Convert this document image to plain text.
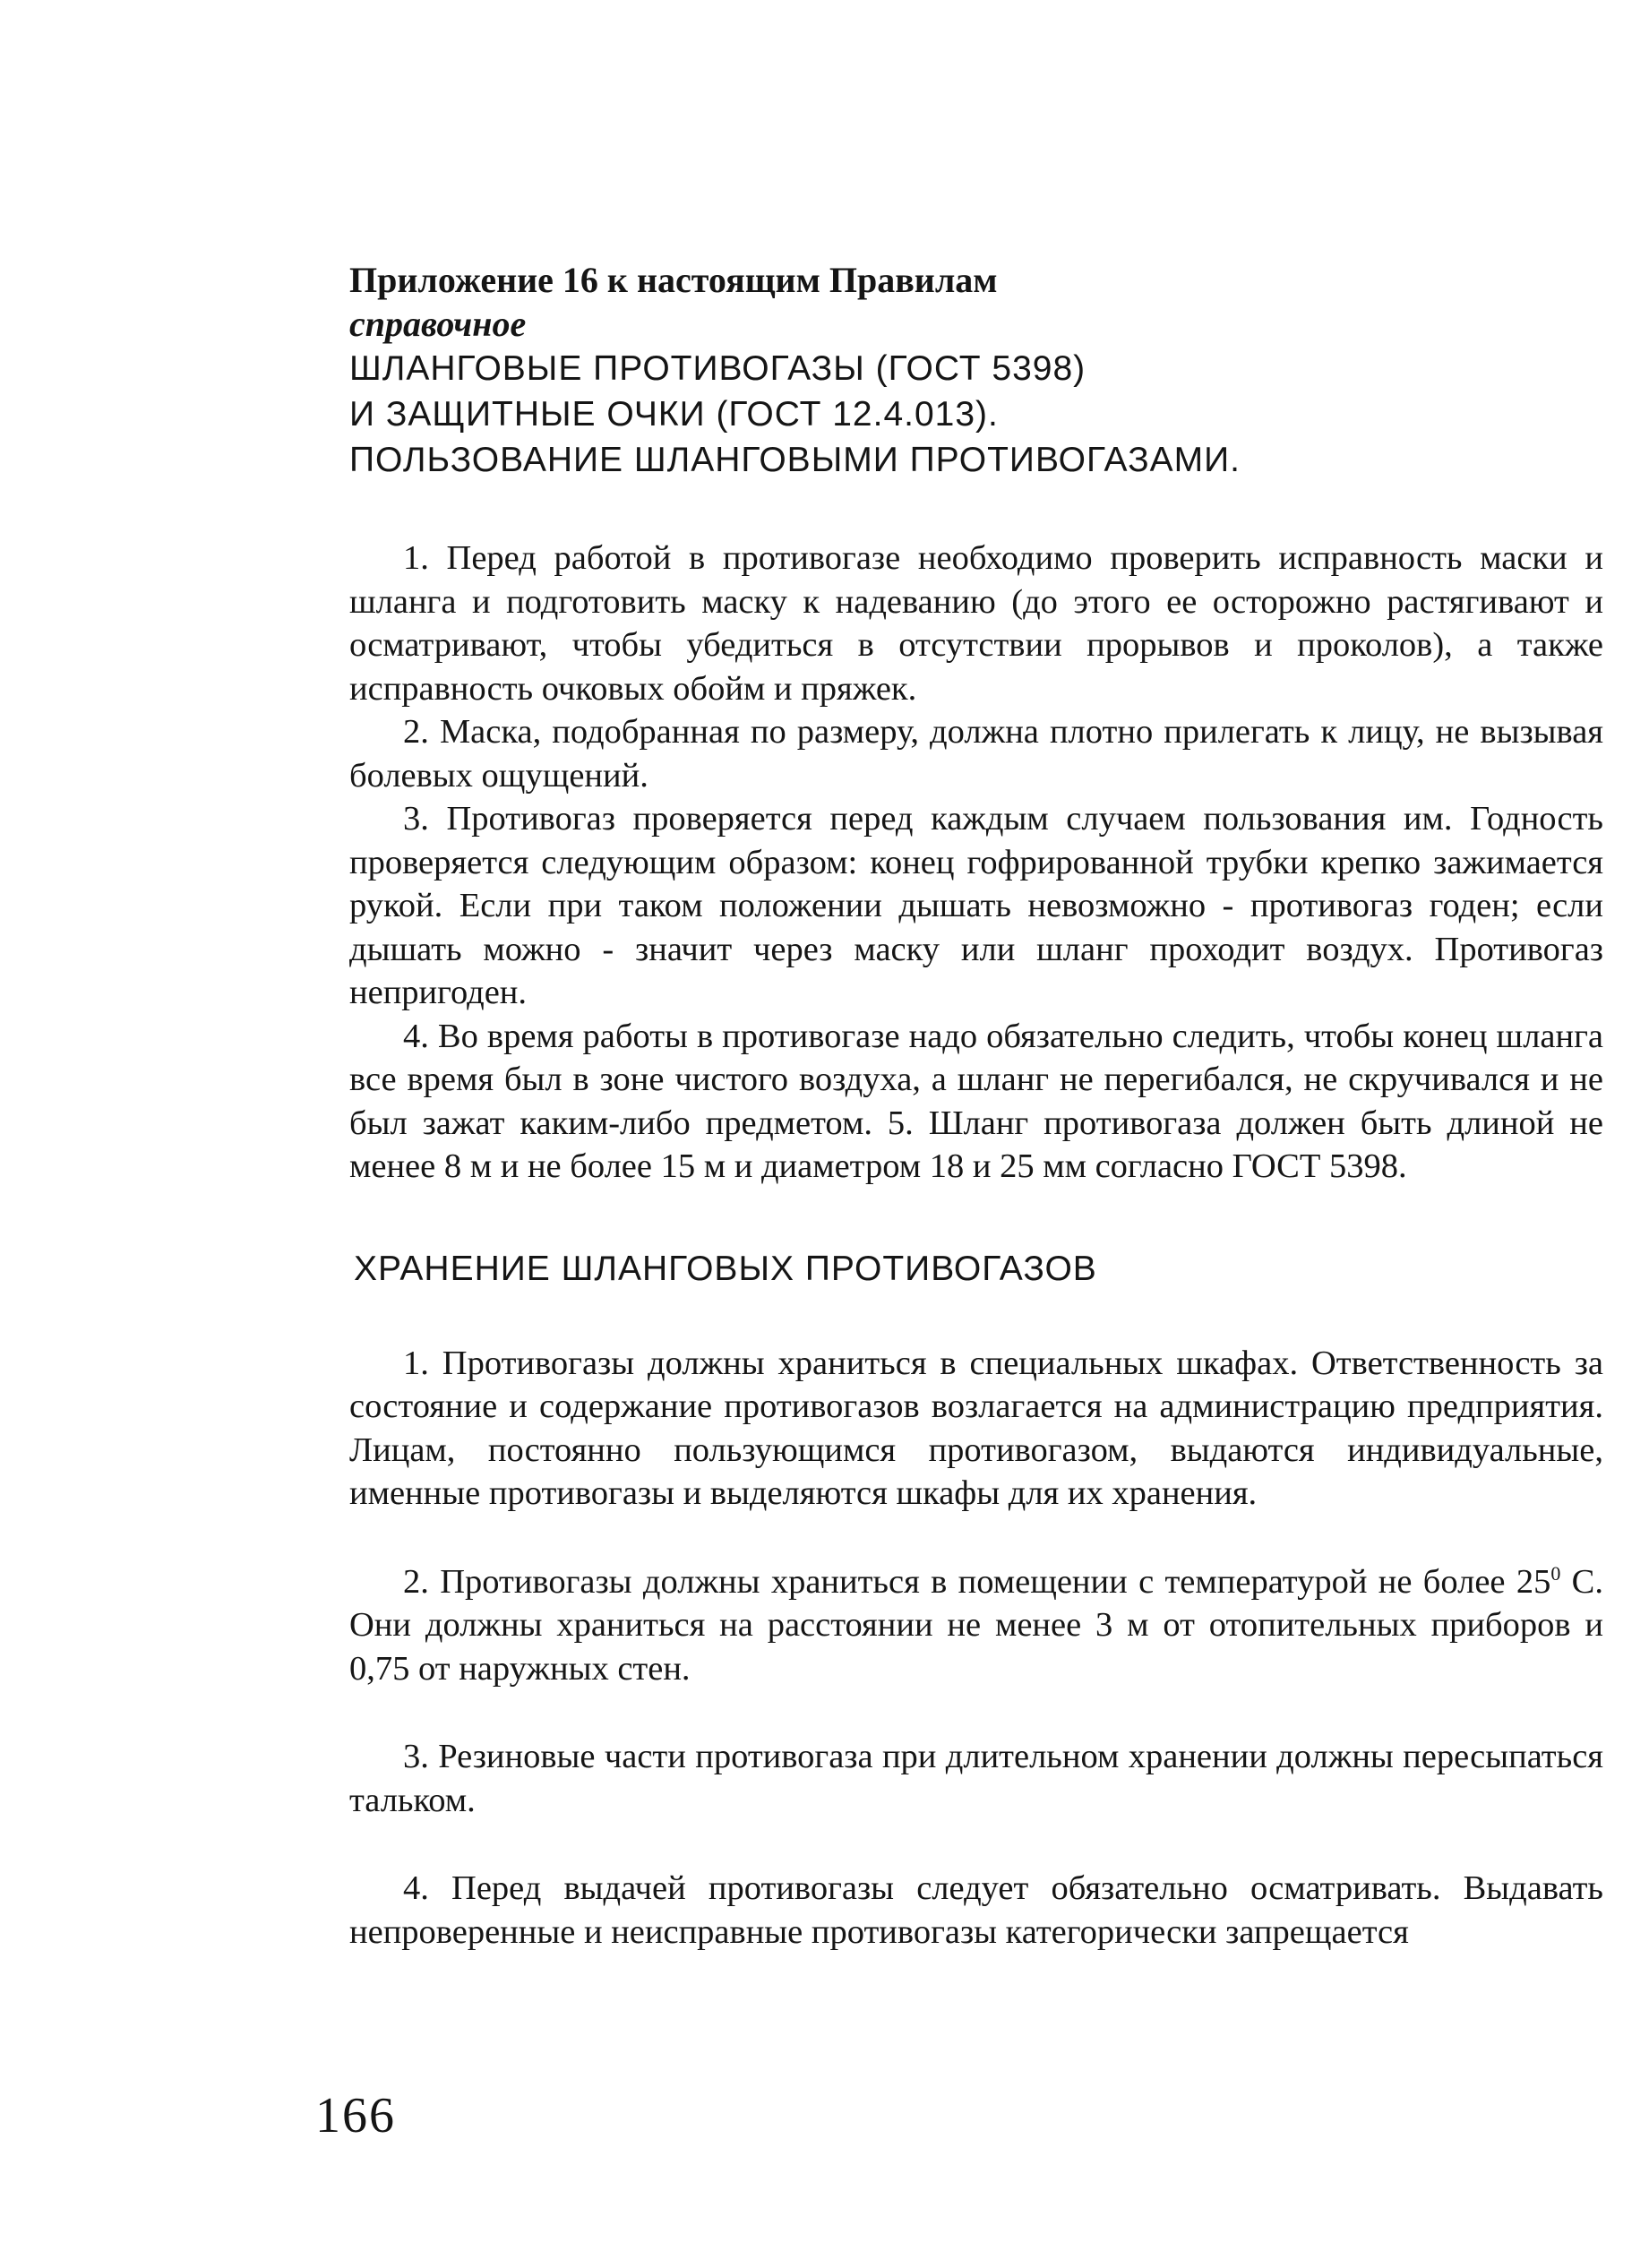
Приложение 16 к настоящим Правилам

справочное

ШЛАНГОВЫЕ ПРОТИВОГАЗЫ (ГОСТ 5398)

И ЗАЩИТНЫЕ ОЧКИ (ГОСТ 12.4.013).

ПОЛЬЗОВАНИЕ ШЛАНГОВЫМИ ПРОТИВОГАЗАМИ.

1. Перед работой в противогазе необходимо проверить исправность маски и шланга и подготовить маску к надеванию (до этого ее осторожно растягивают и осматривают, чтобы убедиться в отсутствии прорывов и проколов), а также исправность очковых обойм и пряжек.

2. Маска, подобранная по размеру, должна плотно прилегать к лицу, не вызывая болевых ощущений.

3. Противогаз проверяется перед каждым случаем пользования им. Годность проверяется следующим образом: конец гофрированной трубки крепко зажимается рукой. Если при таком положении дышать невозможно - противогаз годен; если дышать можно - значит через маску или шланг проходит воздух. Противогаз непригоден.

4. Во время работы в противогазе надо обязательно следить, чтобы конец шланга все время был в зоне чистого воздуха, а шланг не перегибался, не скручивался и не был зажат каким-либо предметом. 5. Шланг противогаза должен быть длиной не менее 8 м и не более 15 м и диаметром 18 и 25 мм согласно ГОСТ 5398.

ХРАНЕНИЕ ШЛАНГОВЫХ ПРОТИВОГАЗОВ

1. Противогазы должны храниться в специальных шкафах. Ответственность за состояние и содержание противогазов возлагается на администрацию предприятия. Лицам, постоянно пользующимся противогазом, выдаются индивидуальные, именные противогазы и выделяются шкафы для их хранения.

2. Противогазы должны храниться в помещении с температурой не более $25^0$ С. Они должны храниться на расстоянии не менее 3 м от отопительных приборов и 0,75 от наружных стен.

3. Резиновые части противогаза при длительном хранении должны пересыпаться тальком.

4. Перед выдачей противогазы следует обязательно осматривать. Выдавать непроверенные и неисправные противогазы категорически запрещается

166
